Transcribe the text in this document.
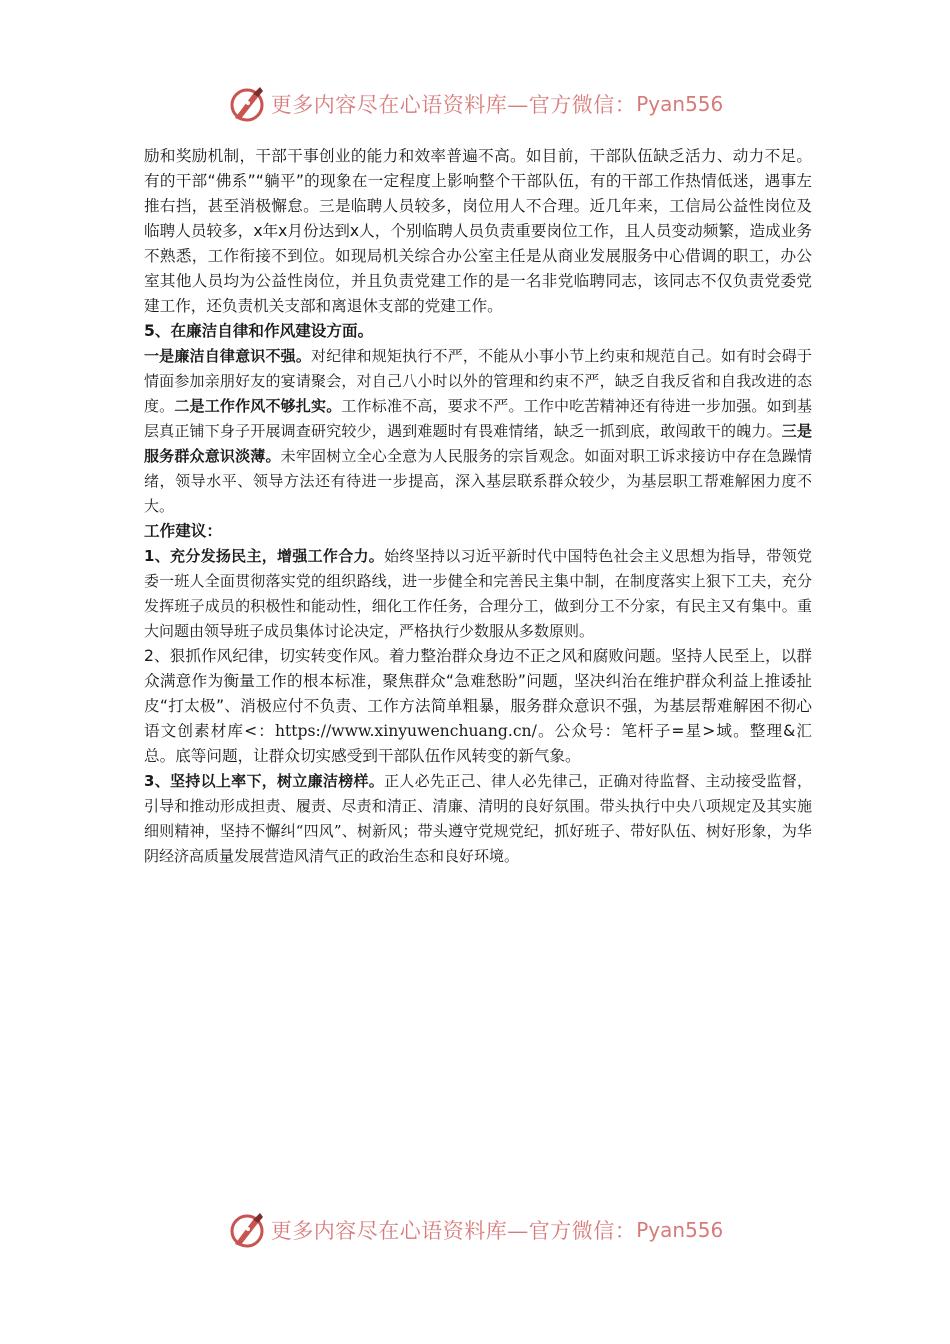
更多内容尽在心语资料库—官方微信： Pyan556

励和奖励机制，干部干事创业的能力和效率普遍不高。如目前，干部队伍缺乏活力、动力不足。有的干部“佛系”“躺平”的现象在一定程度上影响整个干部队伍，有的干部工作热情低迷，遇事左推右挡，甚至消极懈怠。三是临聘人员较多，岗位用人不合理。近几年来，工信局公益性岗位及临聘人员较多，x年x月份达到x人，个别临聘人员负责重要岗位工作，且人员变动频繁，造成业务不熟悉，工作衔接不到位。如现局机关综合办公室主任是从商业发展服务中心借调的职工，办公室其他人员均为公益性岗位，并且负责党建工作的是一名非党临聘同志，该同志不仅负责党委党建工作，还负责机关支部和离退休支部的党建工作。

5、在廉洁自律和作风建设方面。

一是廉洁自律意识不强。对纪律和规矩执行不严，不能从小事小节上约束和规范自己。如有时会碍于情面参加亲朋好友的宴请聚会，对自己八小时以外的管理和约束不严，缺乏自我反省和自我改进的态度。二是工作作风不够扎实。工作标准不高，要求不严。工作中吃苦精神还有待进一步加强。如到基层真正铺下身子开展调查研究较少，遇到难题时有畏难情绪，缺乏一抓到底，敢闯敢干的魄力。三是服务群众意识淡薄。未牢固树立全心全意为人民服务的宗旨观念。如面对职工诉求接访中存在急躁情绪，领导水平、领导方法还有待进一步提高，深入基层联系群众较少，为基层职工帮难解困力度不大。

工作建议：

1、充分发扬民主，增强工作合力。始终坚持以习近平新时代中国特色社会主义思想为指导，带领党委一班人全面贯彻落实党的组织路线，进一步健全和完善民主集中制，在制度落实上狠下工夫，充分发挥班子成员的积极性和能动性，细化工作任务，合理分工，做到分工不分家，有民主又有集中。重大问题由领导班子成员集体讨论决定，严格执行少数服从多数原则。

2、狠抓作风纪律，切实转变作风。着力整治群众身边不正之风和腐败问题。坚持人民至上，以群众满意作为衡量工作的根本标准，聚焦群众“急难愁盼”问题，坚决纠治在维护群众利益上推诿扯皮“打太极”、消极应付不负责、工作方法简单粗暴，服务群众意识不强，为基层帮难解困不彻心语文创素材库<：https://www.xinyuwenchuang.cn/。公众号：笔杆子=星>域。整理&汇总。底等问题，让群众切实感受到干部队伍作风转变的新气象。

3、坚持以上率下，树立廉洁榜样。正人必先正己、律人必先律己，正确对待监督、主动接受监督，引导和推动形成担责、履责、尽责和清正、清廉、清明的良好氛围。带头执行中央八项规定及其实施细则精神，坚持不懈纠“四风”、树新风；带头遵守党规党纪，抓好班子、带好队伍、树好形象，为华阴经济高质量发展营造风清气正的政治生态和良好环境。

更多内容尽在心语资料库—官方微信： Pyan556
